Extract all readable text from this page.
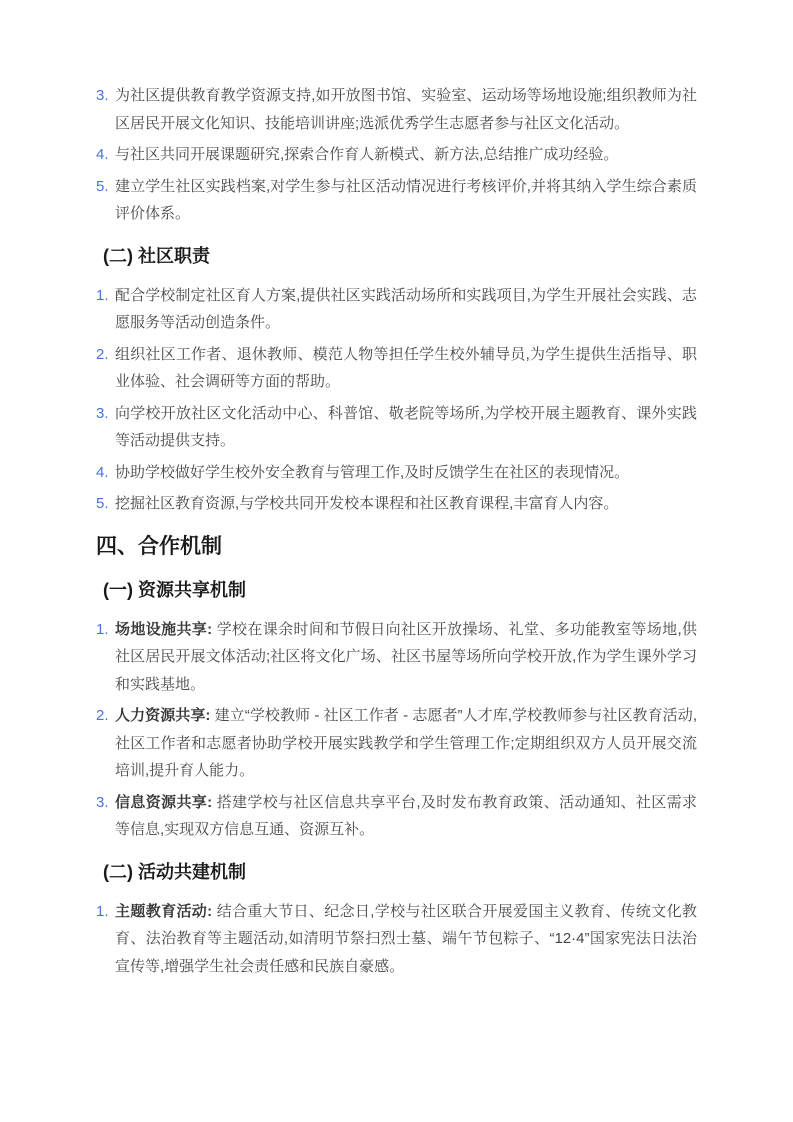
3. 为社区提供教育教学资源支持,如开放图书馆、实验室、运动场等场地设施;组织教师为社区居民开展文化知识、技能培训讲座;选派优秀学生志愿者参与社区文化活动。
4. 与社区共同开展课题研究,探索合作育人新模式、新方法,总结推广成功经验。
5. 建立学生社区实践档案,对学生参与社区活动情况进行考核评价,并将其纳入学生综合素质评价体系。
(二) 社区职责
1. 配合学校制定社区育人方案,提供社区实践活动场所和实践项目,为学生开展社会实践、志愿服务等活动创造条件。
2. 组织社区工作者、退休教师、模范人物等担任学生校外辅导员,为学生提供生活指导、职业体验、社会调研等方面的帮助。
3. 向学校开放社区文化活动中心、科普馆、敬老院等场所,为学校开展主题教育、课外实践等活动提供支持。
4. 协助学校做好学生校外安全教育与管理工作,及时反馈学生在社区的表现情况。
5. 挖掘社区教育资源,与学校共同开发校本课程和社区教育课程,丰富育人内容。
四、合作机制
(一) 资源共享机制
1. 场地设施共享: 学校在课余时间和节假日向社区开放操场、礼堂、多功能教室等场地,供社区居民开展文体活动;社区将文化广场、社区书屋等场所向学校开放,作为学生课外学习和实践基地。
2. 人力资源共享: 建立“学校教师 - 社区工作者 - 志愿者”人才库,学校教师参与社区教育活动,社区工作者和志愿者协助学校开展实践教学和学生管理工作;定期组织双方人员开展交流培训,提升育人能力。
3. 信息资源共享: 搭建学校与社区信息共享平台,及时发布教育政策、活动通知、社区需求等信息,实现双方信息互通、资源互补。
(二) 活动共建机制
1. 主题教育活动: 结合重大节日、纪念日,学校与社区联合开展爱国主义教育、传统文化教育、法治教育等主题活动,如清明节祭扫烈士墓、端午节包粽子、“12·4”国家宪法日法治宣传等,增强学生社会责任感和民族自豪感。
